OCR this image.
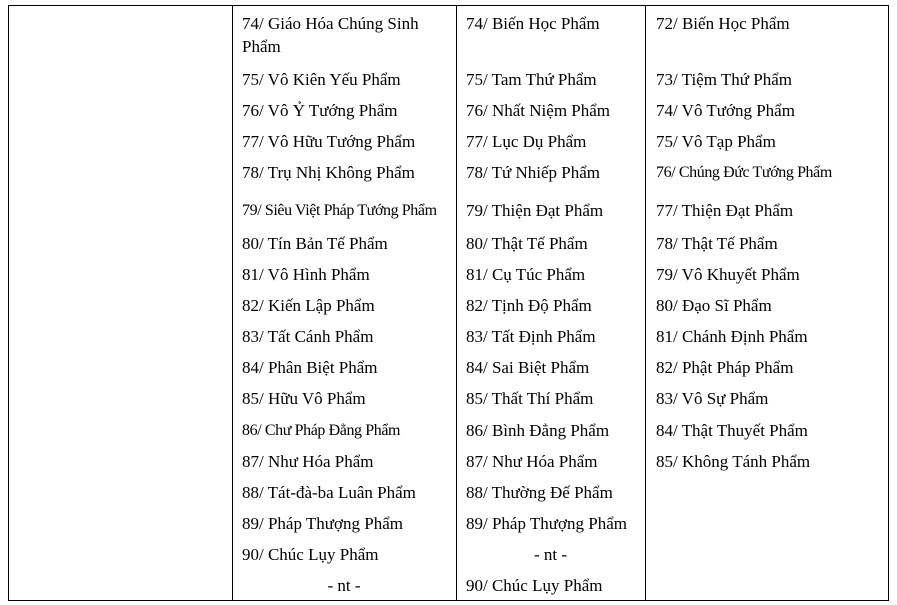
74/ Giáo Hóa Chúng Sinh Phẩm
75/ Vô Kiên Yếu Phẩm
76/ Vô Ỷ Tướng Phẩm
77/ Vô Hữu Tướng Phẩm
78/ Trụ Nhị Không Phẩm
79/ Siêu Việt Pháp Tướng Phẩm
80/ Tín Bản Tế Phẩm
81/ Vô Hình Phẩm
82/ Kiến Lập Phẩm
83/ Tất Cánh Phẩm
84/ Phân Biệt Phẩm
85/ Hữu Vô Phẩm
86/ Chư Pháp Đẳng Phẩm
87/ Như Hóa Phẩm
88/ Tát-đà-ba Luân Phẩm
89/ Pháp Thượng Phẩm
90/ Chúc Lụy Phẩm
- nt -
74/ Biến Học Phẩm
75/ Tam Thứ Phẩm
76/ Nhất Niệm Phẩm
77/ Lục Dụ Phẩm
78/ Tứ Nhiếp Phẩm
79/ Thiện Đạt Phẩm
80/ Thật Tế Phẩm
81/ Cụ Túc Phẩm
82/ Tịnh Độ Phẩm
83/ Tất Định Phẩm
84/ Sai Biệt Phẩm
85/ Thất Thí Phẩm
86/ Bình Đẳng Phẩm
87/ Như Hóa Phẩm
88/ Thường Đế Phẩm
89/ Pháp Thượng Phẩm
- nt -
90/ Chúc Lụy Phẩm
72/ Biến Học Phẩm
73/ Tiệm Thứ Phẩm
74/ Vô Tướng Phẩm
75/ Vô Tạp Phẩm
76/ Chúng Đức Tướng Phẩm
77/ Thiện Đạt Phẩm
78/ Thật Tế Phẩm
79/ Vô Khuyết Phẩm
80/ Đạo Sĩ Phẩm
81/ Chánh Định Phẩm
82/ Phật Pháp Phẩm
83/ Vô Sự Phẩm
84/ Thật Thuyết Phẩm
85/ Không Tánh Phẩm
